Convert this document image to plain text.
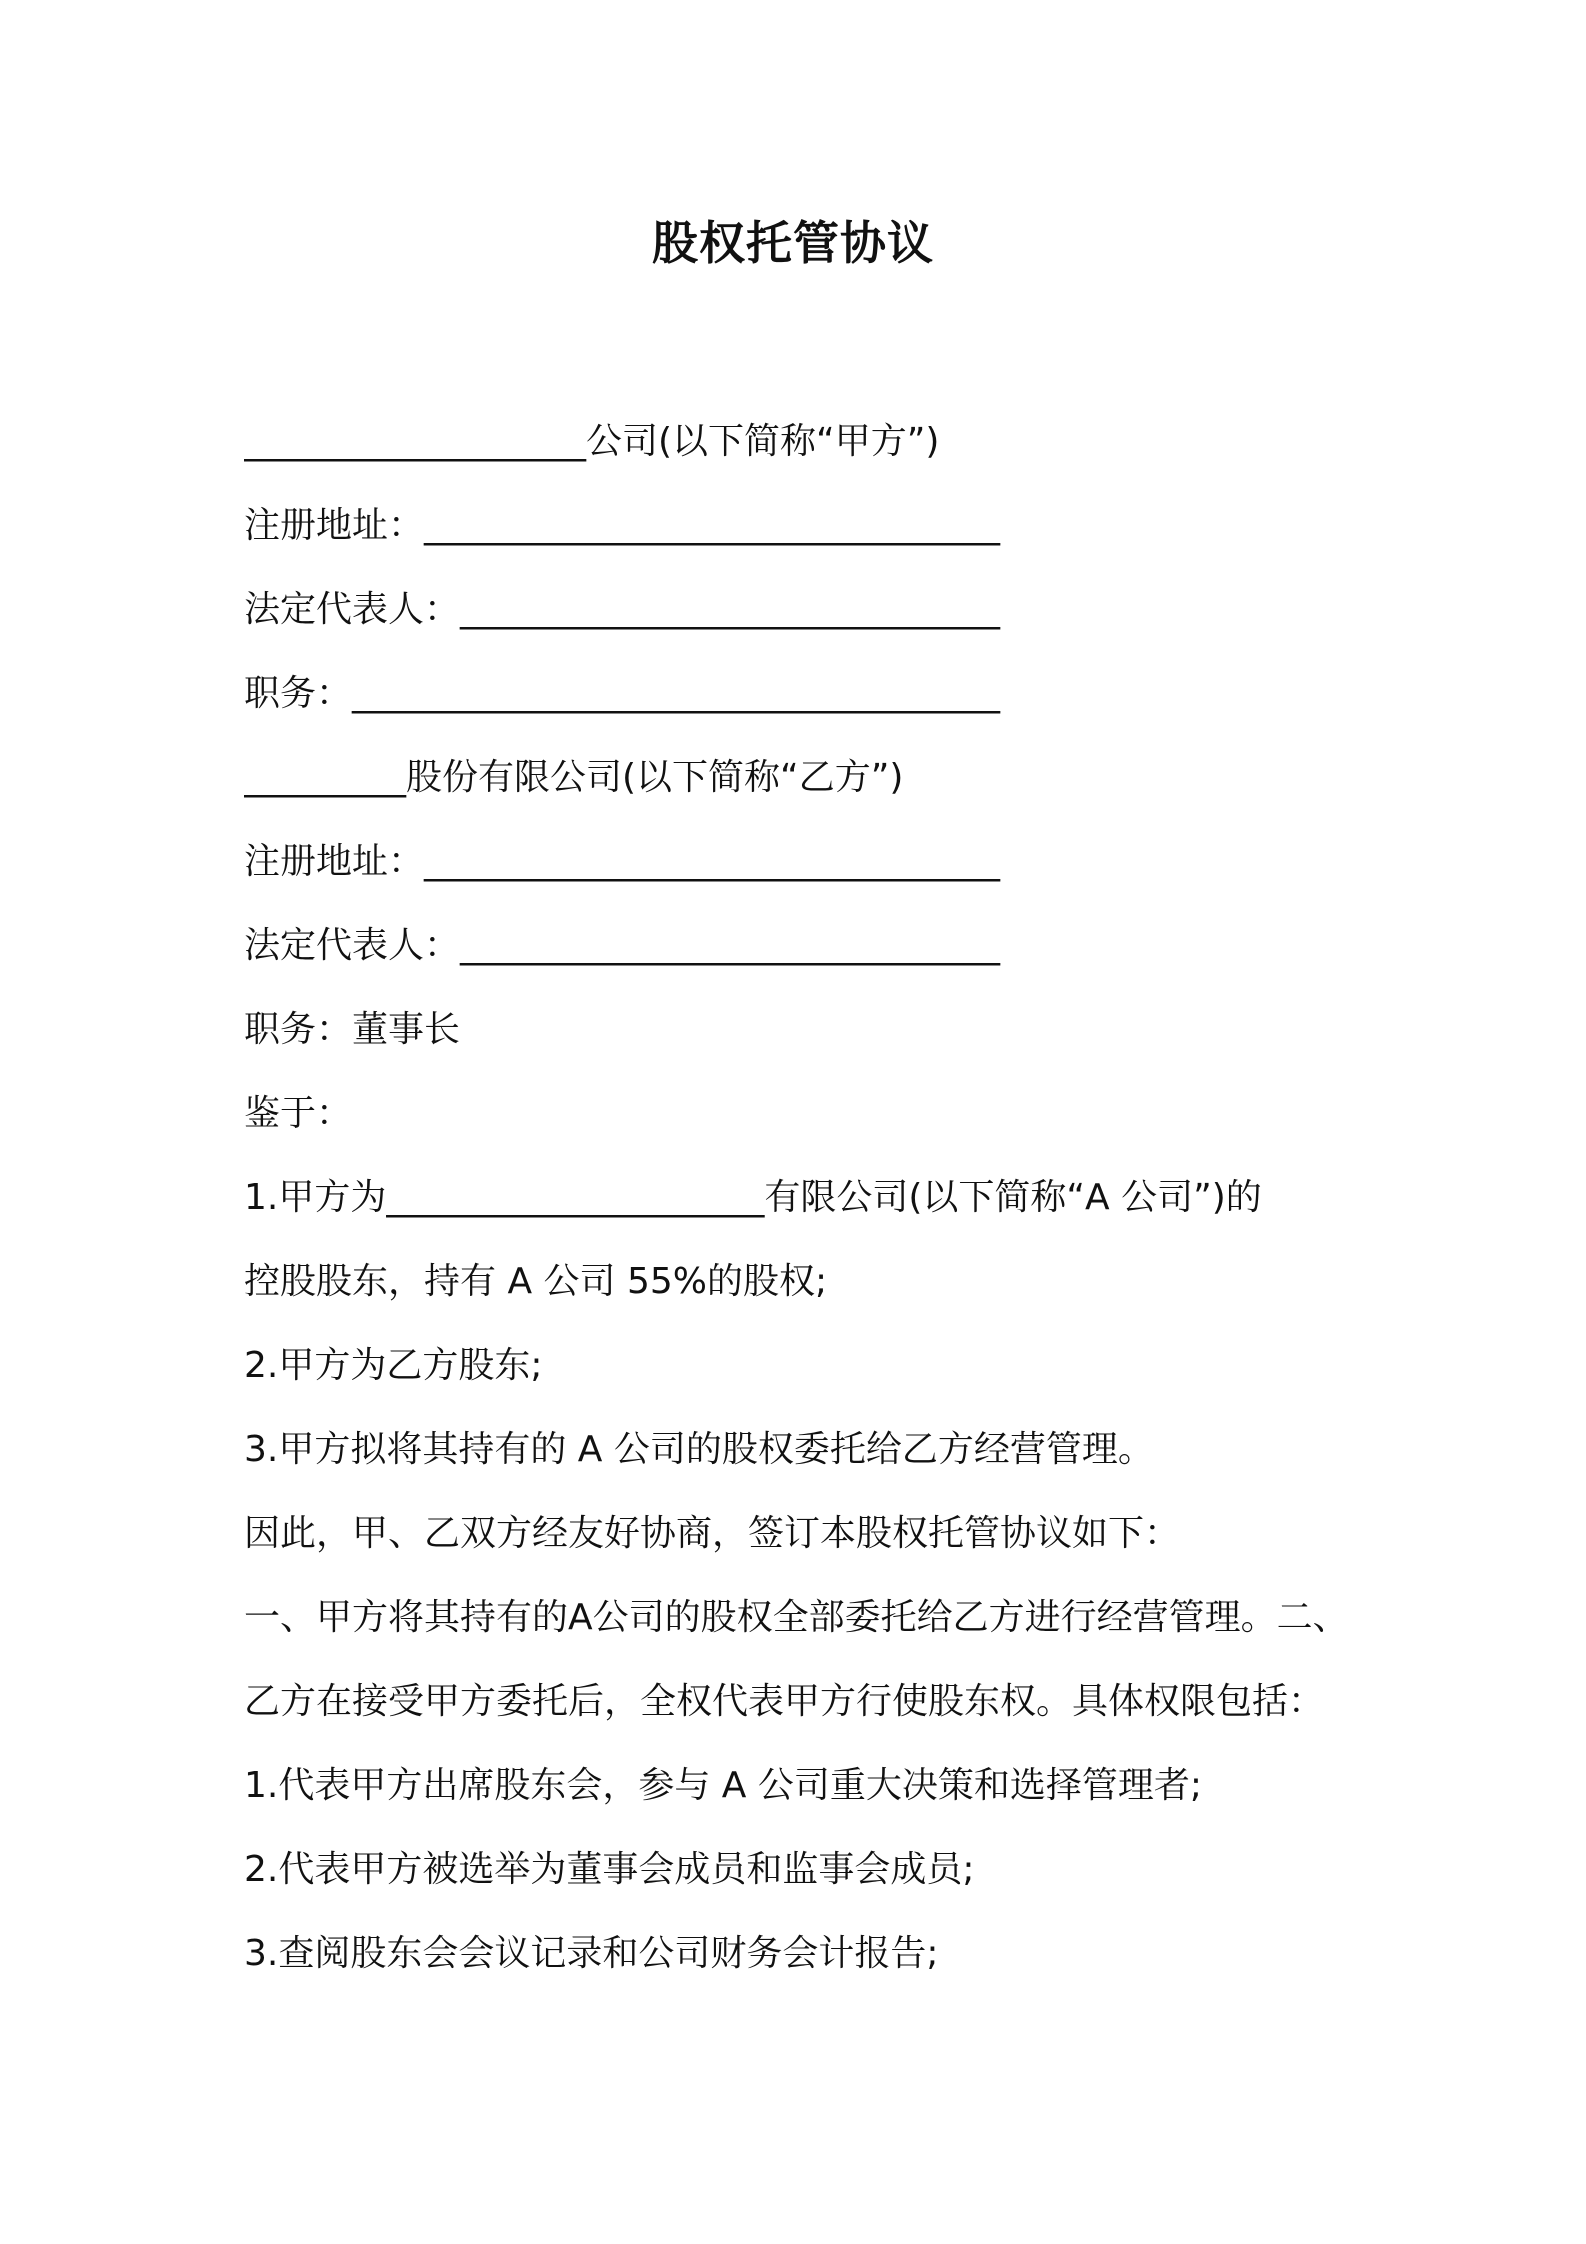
股权托管协议
___________________公司(以下简称“甲方”)
注册地址：________________________________
法定代表人：______________________________
职务：____________________________________
_________股份有限公司(以下简称“乙方”)
注册地址：________________________________
法定代表人：______________________________
职务：董事长
鉴于：
1.甲方为_____________________有限公司(以下简称“A 公司”)的
控股股东，持有 A 公司 55%的股权;
2.甲方为乙方股东;
3.甲方拟将其持有的 A 公司的股权委托给乙方经营管理。
因此，甲、乙双方经友好协商，签订本股权托管协议如下：
一、甲方将其持有的A公司的股权全部委托给乙方进行经营管理。二、
乙方在接受甲方委托后，全权代表甲方行使股东权。具体权限包括：
1.代表甲方出席股东会，参与 A 公司重大决策和选择管理者;
2.代表甲方被选举为董事会成员和监事会成员;
3.查阅股东会会议记录和公司财务会计报告;
